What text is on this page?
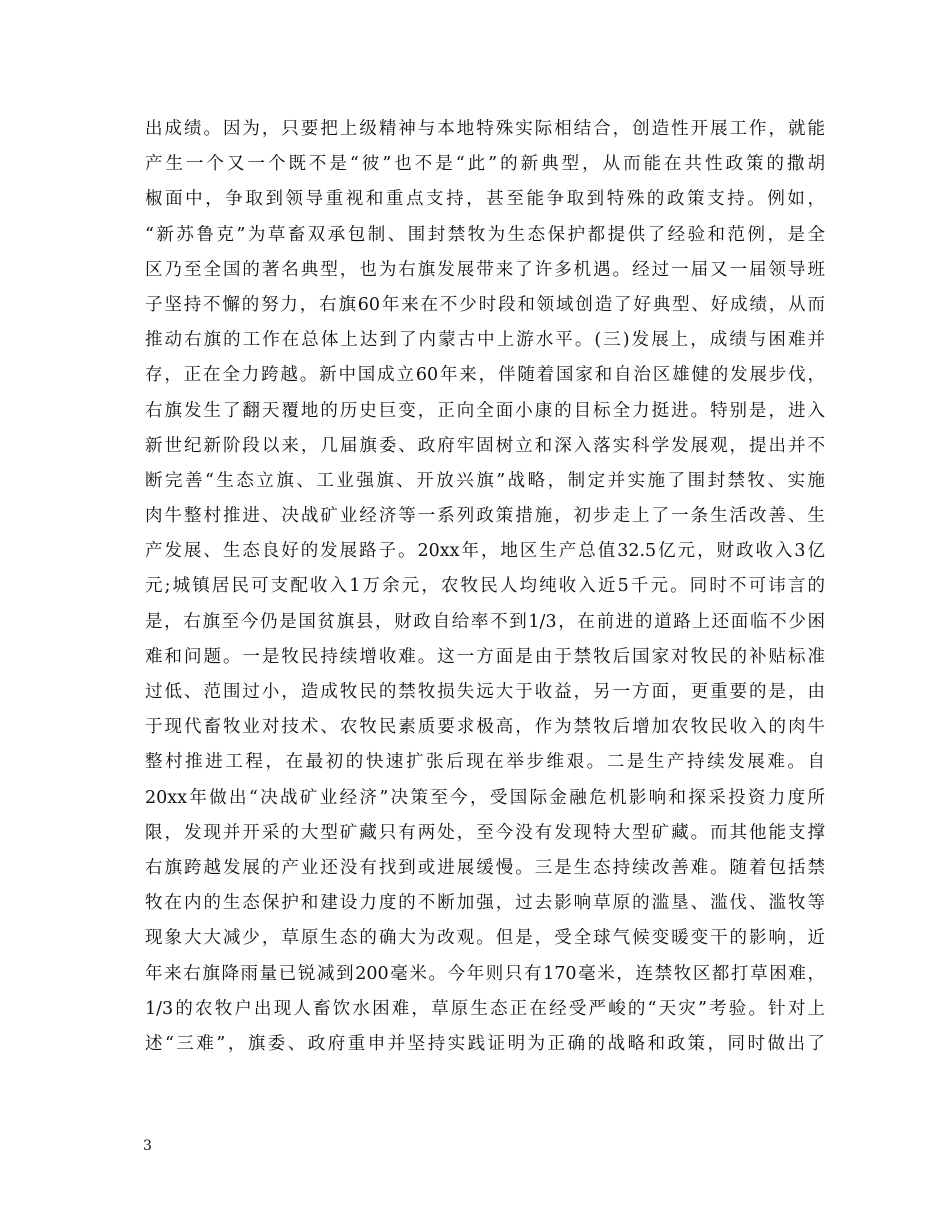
出成绩。因为，只要把上级精神与本地特殊实际相结合，创造性开展工作，就能
产生一个又一个既不是“彼”也不是“此”的新典型，从而能在共性政策的撒胡
椒面中，争取到领导重视和重点支持，甚至能争取到特殊的政策支持。例如，
“新苏鲁克”为草畜双承包制、围封禁牧为生态保护都提供了经验和范例，是全
区乃至全国的著名典型，也为右旗发展带来了许多机遇。经过一届又一届领导班
子坚持不懈的努力，右旗60年来在不少时段和领域创造了好典型、好成绩，从而
推动右旗的工作在总体上达到了内蒙古中上游水平。(三)发展上，成绩与困难并
存，正在全力跨越。新中国成立60年来，伴随着国家和自治区雄健的发展步伐，
右旗发生了翻天覆地的历史巨变，正向全面小康的目标全力挺进。特别是，进入
新世纪新阶段以来，几届旗委、政府牢固树立和深入落实科学发展观，提出并不
断完善“生态立旗、工业强旗、开放兴旗”战略，制定并实施了围封禁牧、实施
肉牛整村推进、决战矿业经济等一系列政策措施，初步走上了一条生活改善、生
产发展、生态良好的发展路子。20xx年，地区生产总值32.5亿元，财政收入3亿
元;城镇居民可支配收入1万余元，农牧民人均纯收入近5千元。同时不可讳言的
是，右旗至今仍是国贫旗县，财政自给率不到1/3，在前进的道路上还面临不少困
难和问题。一是牧民持续增收难。这一方面是由于禁牧后国家对牧民的补贴标准
过低、范围过小，造成牧民的禁牧损失远大于收益，另一方面，更重要的是，由
于现代畜牧业对技术、农牧民素质要求极高，作为禁牧后增加农牧民收入的肉牛
整村推进工程，在最初的快速扩张后现在举步维艰。二是生产持续发展难。自
20xx年做出“决战矿业经济”决策至今，受国际金融危机影响和探采投资力度所
限，发现并开采的大型矿藏只有两处，至今没有发现特大型矿藏。而其他能支撑
右旗跨越发展的产业还没有找到或进展缓慢。三是生态持续改善难。随着包括禁
牧在内的生态保护和建设力度的不断加强，过去影响草原的滥垦、滥伐、滥牧等
现象大大减少，草原生态的确大为改观。但是，受全球气候变暖变干的影响，近
年来右旗降雨量已锐减到200毫米。今年则只有170毫米，连禁牧区都打草困难，
1/3的农牧户出现人畜饮水困难，草原生态正在经受严峻的“天灾”考验。针对上
述“三难”，旗委、政府重申并坚持实践证明为正确的战略和政策，同时做出了
3
